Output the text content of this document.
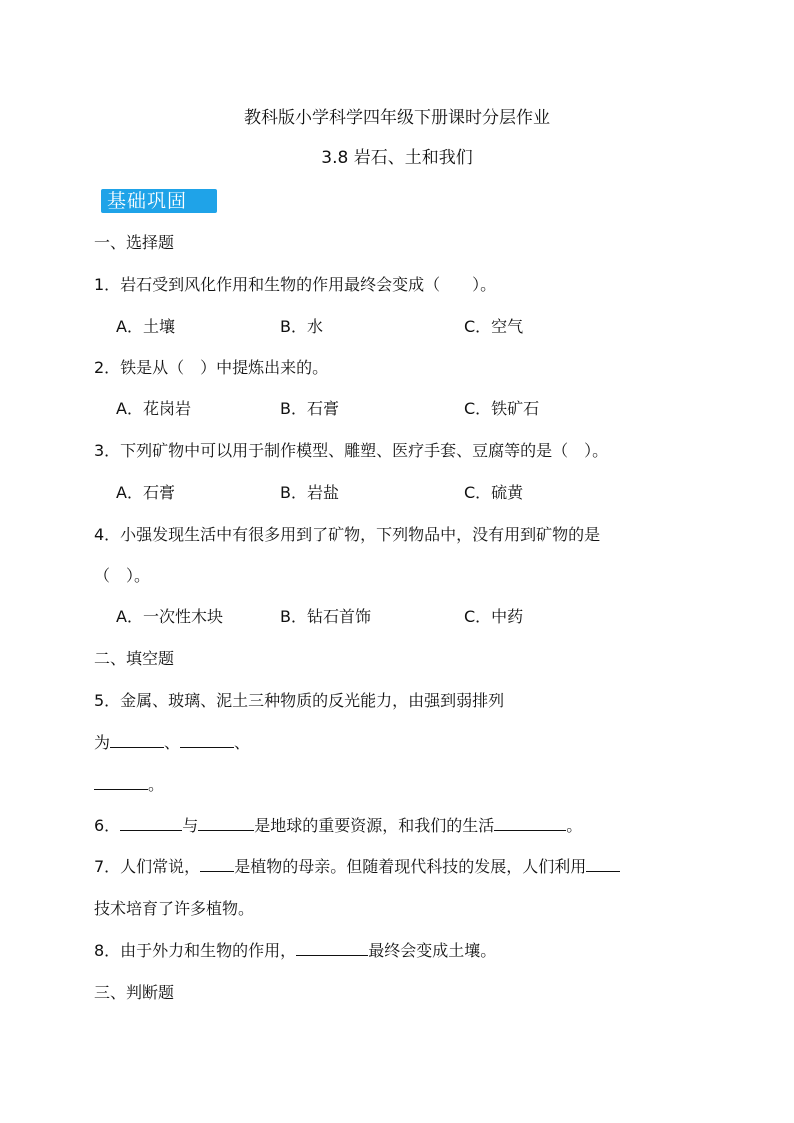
教科版小学科学四年级下册课时分层作业
3.8 岩石、土和我们
基础巩固
一、选择题
1．岩石受到风化作用和生物的作用最终会变成（　　）。
A．土壤	B．水	C．空气
2．铁是从（　）中提炼出来的。
A．花岗岩	B．石膏	C．铁矿石
3．下列矿物中可以用于制作模型、雕塑、医疗手套、豆腐等的是（　）。
A．石膏	B．岩盐	C．硫黄
4．小强发现生活中有很多用到了矿物，下列物品中，没有用到矿物的是
（　）。
A．一次性木块	B．钻石首饰	C．中药
二、填空题
5．金属、玻璃、泥土三种物质的反光能力，由强到弱排列
为	、	、
。
6．	与	是地球的重要资源，和我们的生活	。
7．人们常说， 是植物的母亲。但随着现代科技的发展，人们利用
技术培育了许多植物。
8．由于外力和生物的作用，	最终会变成土壤。
三、判断题
